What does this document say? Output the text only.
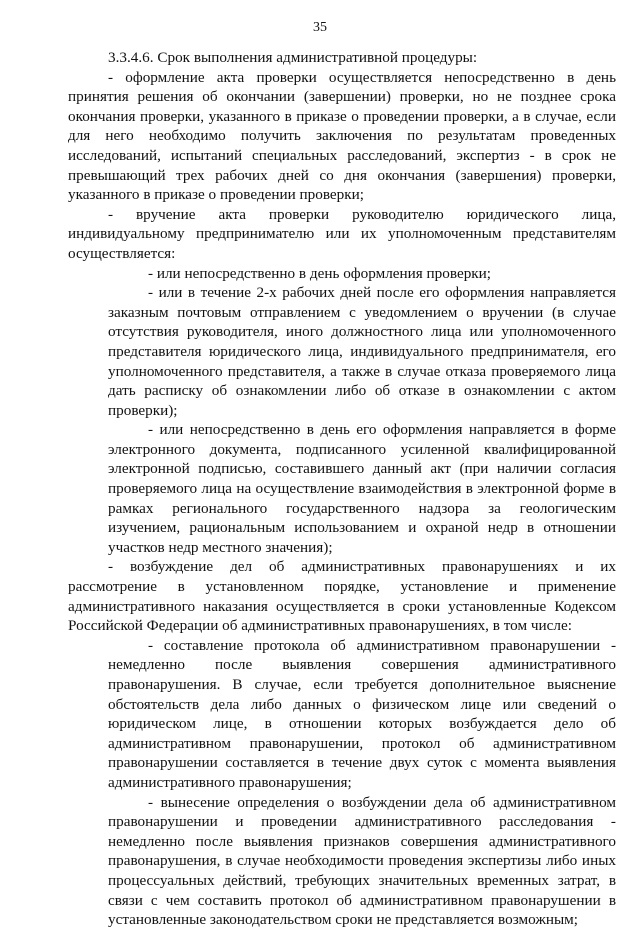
35

3.3.4.6. Срок выполнения административной процедуры:

- оформление акта проверки осуществляется непосредственно в день принятия решения об окончании (завершении) проверки, но не позднее срока окончания проверки, указанного в приказе о проведении проверки, а в случае, если для него необходимо получить заключения по результатам проведенных исследований, испытаний специальных расследований, экспертиз - в срок не превышающий трех рабочих дней со дня окончания (завершения) проверки, указанного в приказе о проведении проверки;

- вручение акта проверки руководителю юридического лица, индивидуальному предпринимателю или их уполномоченным представителям осуществляется:

- или непосредственно в день оформления проверки;

- или в течение 2-х рабочих дней после его оформления направляется заказным почтовым отправлением с уведомлением о вручении (в случае отсутствия руководителя, иного должностного лица или уполномоченного представителя юридического лица, индивидуального предпринимателя, его уполномоченного представителя, а также в случае отказа проверяемого лица дать расписку об ознакомлении либо об отказе в ознакомлении с актом проверки);

- или непосредственно в день его оформления направляется в форме электронного документа, подписанного усиленной квалифицированной электронной подписью, составившего данный акт (при наличии согласия проверяемого лица на осуществление взаимодействия в электронной форме в рамках регионального государственного надзора за геологическим изучением, рациональным использованием и охраной недр в отношении участков недр местного значения);

- возбуждение дел об административных правонарушениях и их рассмотрение в установленном порядке, установление и применение административного наказания осуществляется в сроки установленные Кодексом Российской Федерации об административных правонарушениях, в том числе:

- составление протокола об административном правонарушении - немедленно после выявления совершения административного правонарушения. В случае, если требуется дополнительное выяснение обстоятельств дела либо данных о физическом лице или сведений о юридическом лице, в отношении которых возбуждается дело об административном правонарушении, протокол об административном правонарушении составляется в течение двух суток с момента выявления административного правонарушения;

- вынесение определения о возбуждении дела об административном правонарушении и проведении административного расследования - немедленно после выявления признаков совершения административного правонарушения, в случае необходимости проведения экспертизы либо иных процессуальных действий, требующих значительных временных затрат, в связи с чем составить протокол об административном правонарушении в установленные законодательством сроки не представляется возможным;
